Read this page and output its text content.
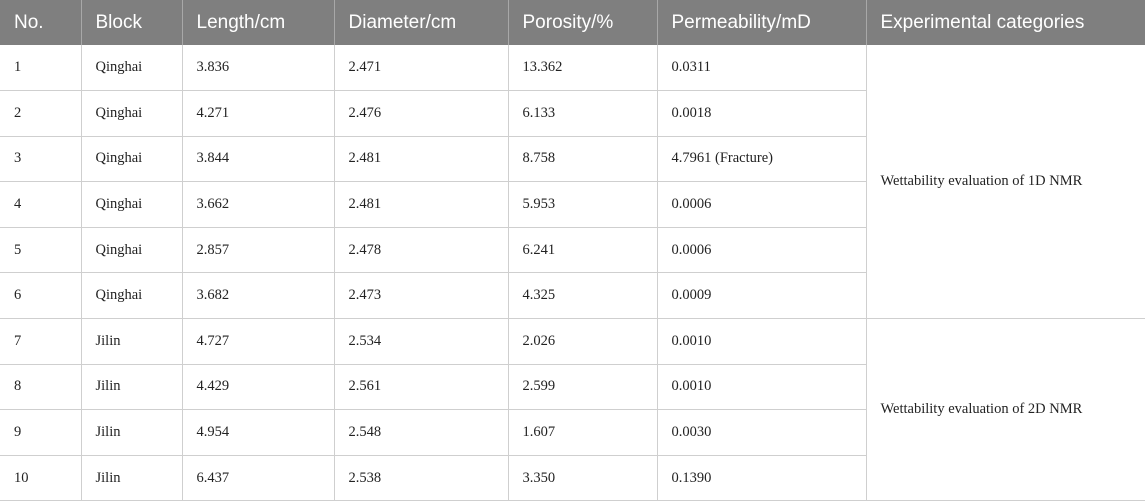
No.	Block	Length/cm	Diameter/cm	Porosity/%	Permeability/mD	Experimental categories
1	Qinghai	3.836	2.471	13.362	0.0311	Wettability evaluation of 1D NMR
2	Qinghai	4.271	2.476	6.133	0.0018	
3	Qinghai	3.844	2.481	8.758	4.7961 (Fracture)	
4	Qinghai	3.662	2.481	5.953	0.0006	
5	Qinghai	2.857	2.478	6.241	0.0006	
6	Qinghai	3.682	2.473	4.325	0.0009	
7	Jilin	4.727	2.534	2.026	0.0010	Wettability evaluation of 2D NMR
8	Jilin	4.429	2.561	2.599	0.0010	
9	Jilin	4.954	2.548	1.607	0.0030	
10	Jilin	6.437	2.538	3.350	0.1390	
